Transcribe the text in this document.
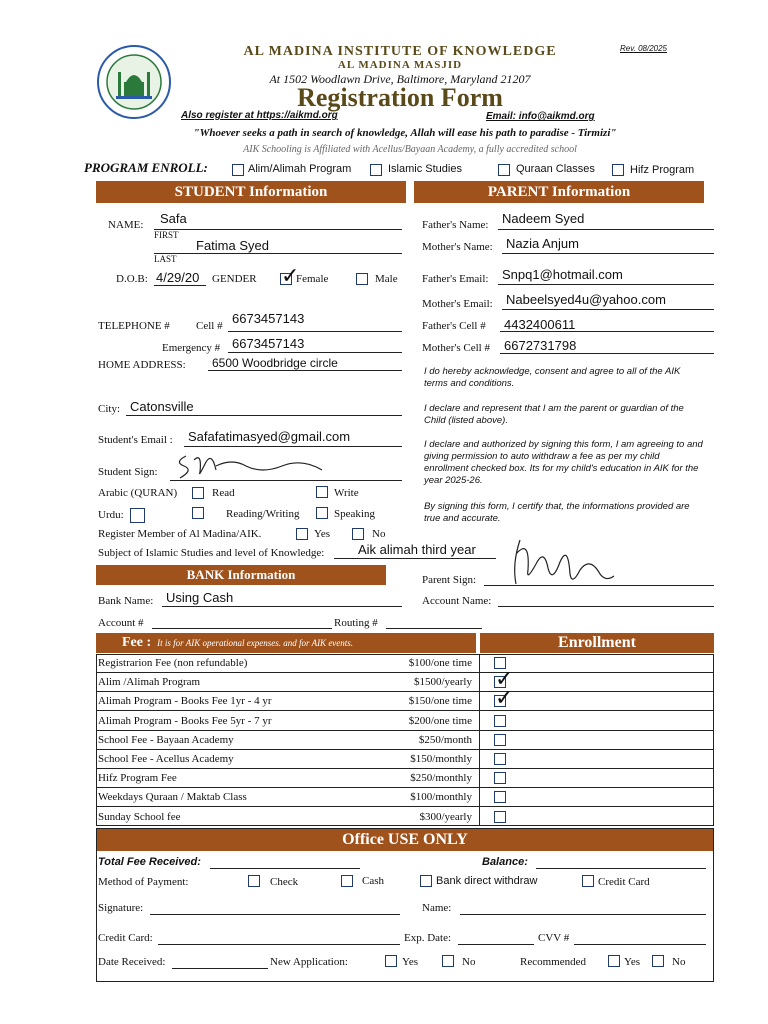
AL MADINA INSTITUTE OF KNOWLEDGE
AL MADINA MASJID
At 1502 Woodlawn Drive, Baltimore, Maryland 21207
Rev. 08/2025
Registration Form
Also register at https://aikmd.org	Email: info@aikmd.org
"Whoever seeks a path in search of knowledge, Allah will ease his path to paradise - Tirmizi"
AIK Schooling is Affiliated with Acellus/Bayaan Academy, a fully accredited school
PROGRAM ENROLL:	Alim/Alimah Program	Islamic Studies	Quraan Classes	Hifz Program
STUDENT Information	PARENT Information
NAME: Safa
FIRST
Fatima Syed
LAST
D.O.B: 4/29/20 GENDER
✓	Female	Male
TELEPHONE # Cell # 6673457143
Emergency # 6673457143
HOME ADDRESS: 6500 Woodbridge circle
City: Catonsville
Student's Email : Safafatimasyed@gmail.com
Student Sign:
Arabic (QURAN)	Read	Write
Urdu:	Reading/Writing	Speaking
Register Member of Al Madina/AIK.	Yes	No
Subject of Islamic Studies and level of Knowledge:	Aik alimah third year
Father's Name: Nadeem Syed
Mother's Name: Nazia Anjum
Father's Email: Snpq1@hotmail.com
Mother's Email: Nabeelsyed4u@yahoo.com
Father's Cell # 4432400611
Mother's Cell # 6672731798
I do hereby acknowledge, consent and agree to all of the AIK terms and conditions.
I declare and represent that I am the parent or guardian of the Child (listed above).
I declare and authorized by signing this form, I am agreeing to and giving permission to auto withdraw a fee as per my child enrollment checked box. Its for my child's education in AIK for the year 2025-26.
By signing this form, I certify that, the informations provided are true and accurate.
Parent Sign:
Account Name:
BANK Information
Bank Name: Using Cash
Account #	Routing #
Fee : It is for AIK operational expenses. and for AIK events.	Enrollment
Registrarion Fee (non refundable)	$100/one time
Alim /Alimah Program	$1500/yearly
✓
Alimah Program - Books Fee 1yr - 4 yr	$150/one time
✓
Alimah Program - Books Fee 5yr - 7 yr	$200/one time
School Fee - Bayaan Academy	$250/month
School Fee - Acellus Academy	$150/monthly
Hifz Program Fee	$250/monthly
Weekdays Quraan / Maktab Class	$100/monthly
Sunday School fee	$300/yearly
Office USE ONLY
Total Fee Received:	Balance:
Method of Payment:	Check	Cash	Bank direct withdraw	Credit Card
Signature:	Name:
Credit Card:	Exp. Date:	CVV #
Date Received:	New Application:	Yes	No	Recommended	Yes	No
